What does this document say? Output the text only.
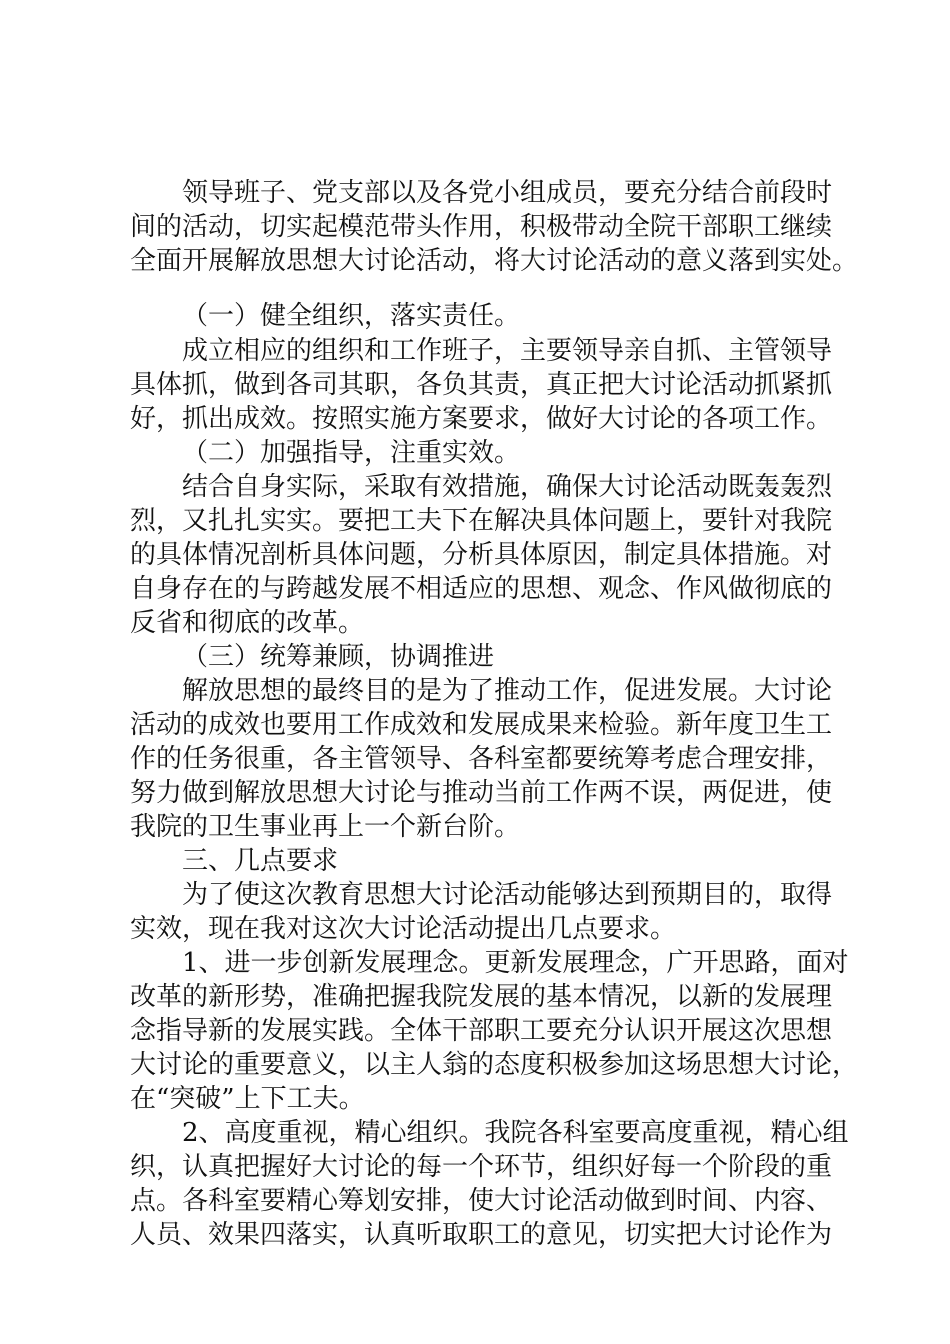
领导班子、党支部以及各党小组成员，要充分结合前段时
间的活动，切实起模范带头作用，积极带动全院干部职工继续
全面开展解放思想大讨论活动，将大讨论活动的意义落到实处。
（一）健全组织，落实责任。
成立相应的组织和工作班子，主要领导亲自抓、主管领导
具体抓，做到各司其职，各负其责，真正把大讨论活动抓紧抓
好，抓出成效。按照实施方案要求，做好大讨论的各项工作。
（二）加强指导，注重实效。
结合自身实际，采取有效措施，确保大讨论活动既轰轰烈
烈，又扎扎实实。要把工夫下在解决具体问题上，要针对我院
的具体情况剖析具体问题，分析具体原因，制定具体措施。对
自身存在的与跨越发展不相适应的思想、观念、作风做彻底的
反省和彻底的改革。
（三）统筹兼顾，协调推进
解放思想的最终目的是为了推动工作，促进发展。大讨论
活动的成效也要用工作成效和发展成果来检验。新年度卫生工
作的任务很重，各主管领导、各科室都要统筹考虑合理安排，
努力做到解放思想大讨论与推动当前工作两不误，两促进，使
我院的卫生事业再上一个新台阶。
三、几点要求
为了使这次教育思想大讨论活动能够达到预期目的，取得
实效，现在我对这次大讨论活动提出几点要求。
1、进一步创新发展理念。更新发展理念，广开思路，面对
改革的新形势，准确把握我院发展的基本情况，以新的发展理
念指导新的发展实践。全体干部职工要充分认识开展这次思想
大讨论的重要意义，以主人翁的态度积极参加这场思想大讨论，
在“突破”上下工夫。
2、高度重视，精心组织。我院各科室要高度重视，精心组
织，认真把握好大讨论的每一个环节，组织好每一个阶段的重
点。各科室要精心筹划安排，使大讨论活动做到时间、内容、
人员、效果四落实，认真听取职工的意见，切实把大讨论作为
